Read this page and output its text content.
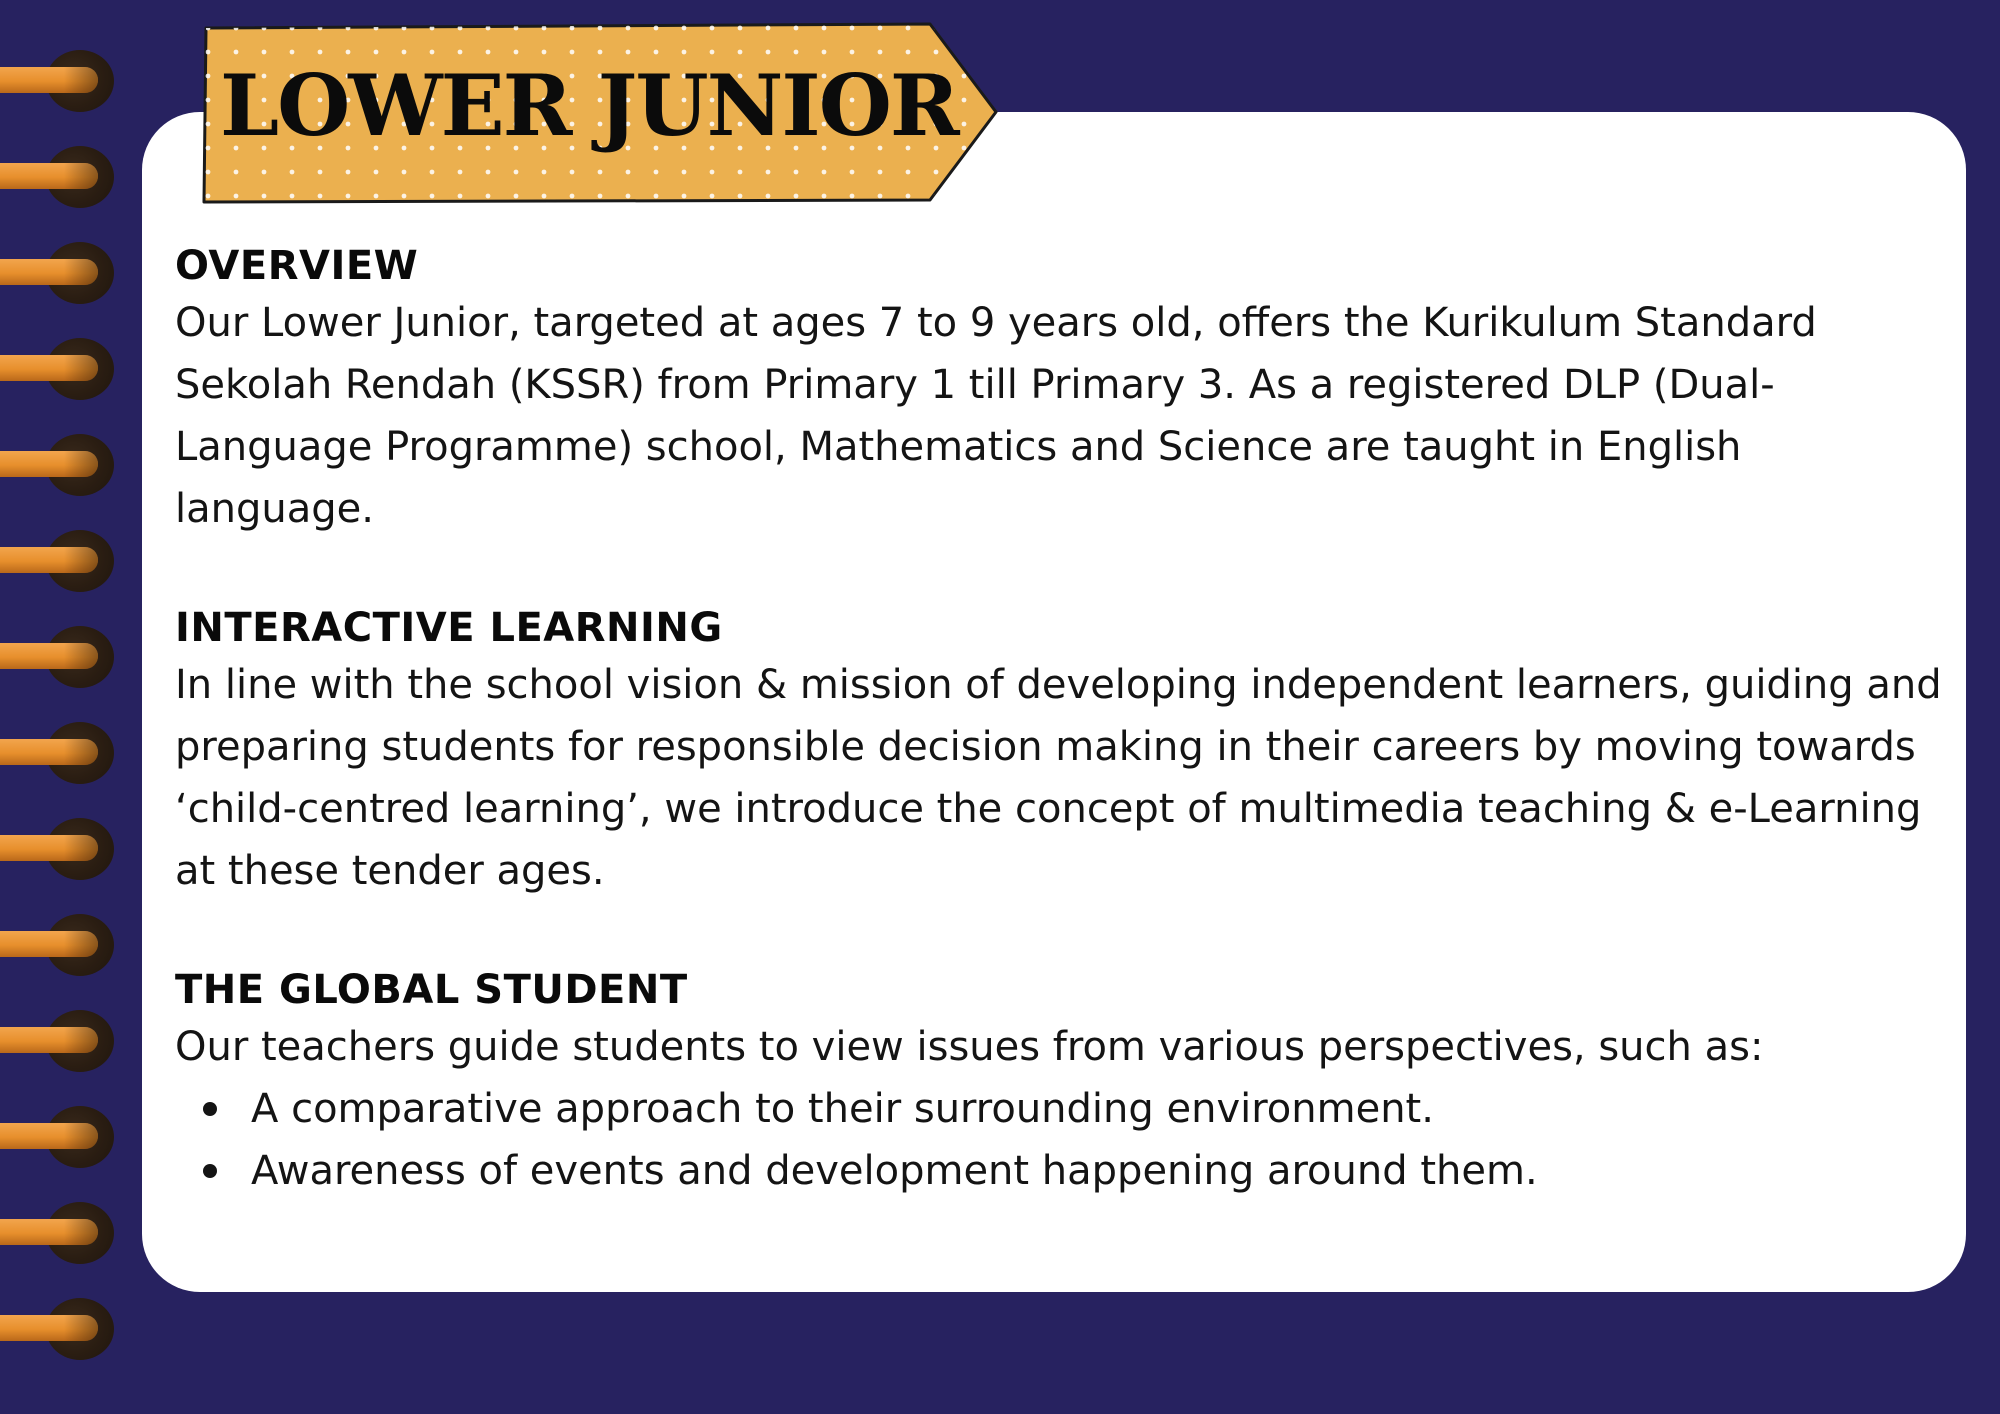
LOWER JUNIOR
OVERVIEW

Our Lower Junior, targeted at ages 7 to 9 years old, offers the Kurikulum Standard Sekolah Rendah (KSSR) from Primary 1 till Primary 3. As a registered DLP (Dual-Language Programme) school, Mathematics and Science are taught in English language.

INTERACTIVE LEARNING

In line with the school vision & mission of developing independent learners, guiding and preparing students for responsible decision making in their careers by moving towards ‘child-centred learning’, we introduce the concept of multimedia teaching & e-Learning at these tender ages.

THE GLOBAL STUDENT

Our teachers guide students to view issues from various perspectives, such as:

A comparative approach to their surrounding environment.
Awareness of events and development happening around them.
